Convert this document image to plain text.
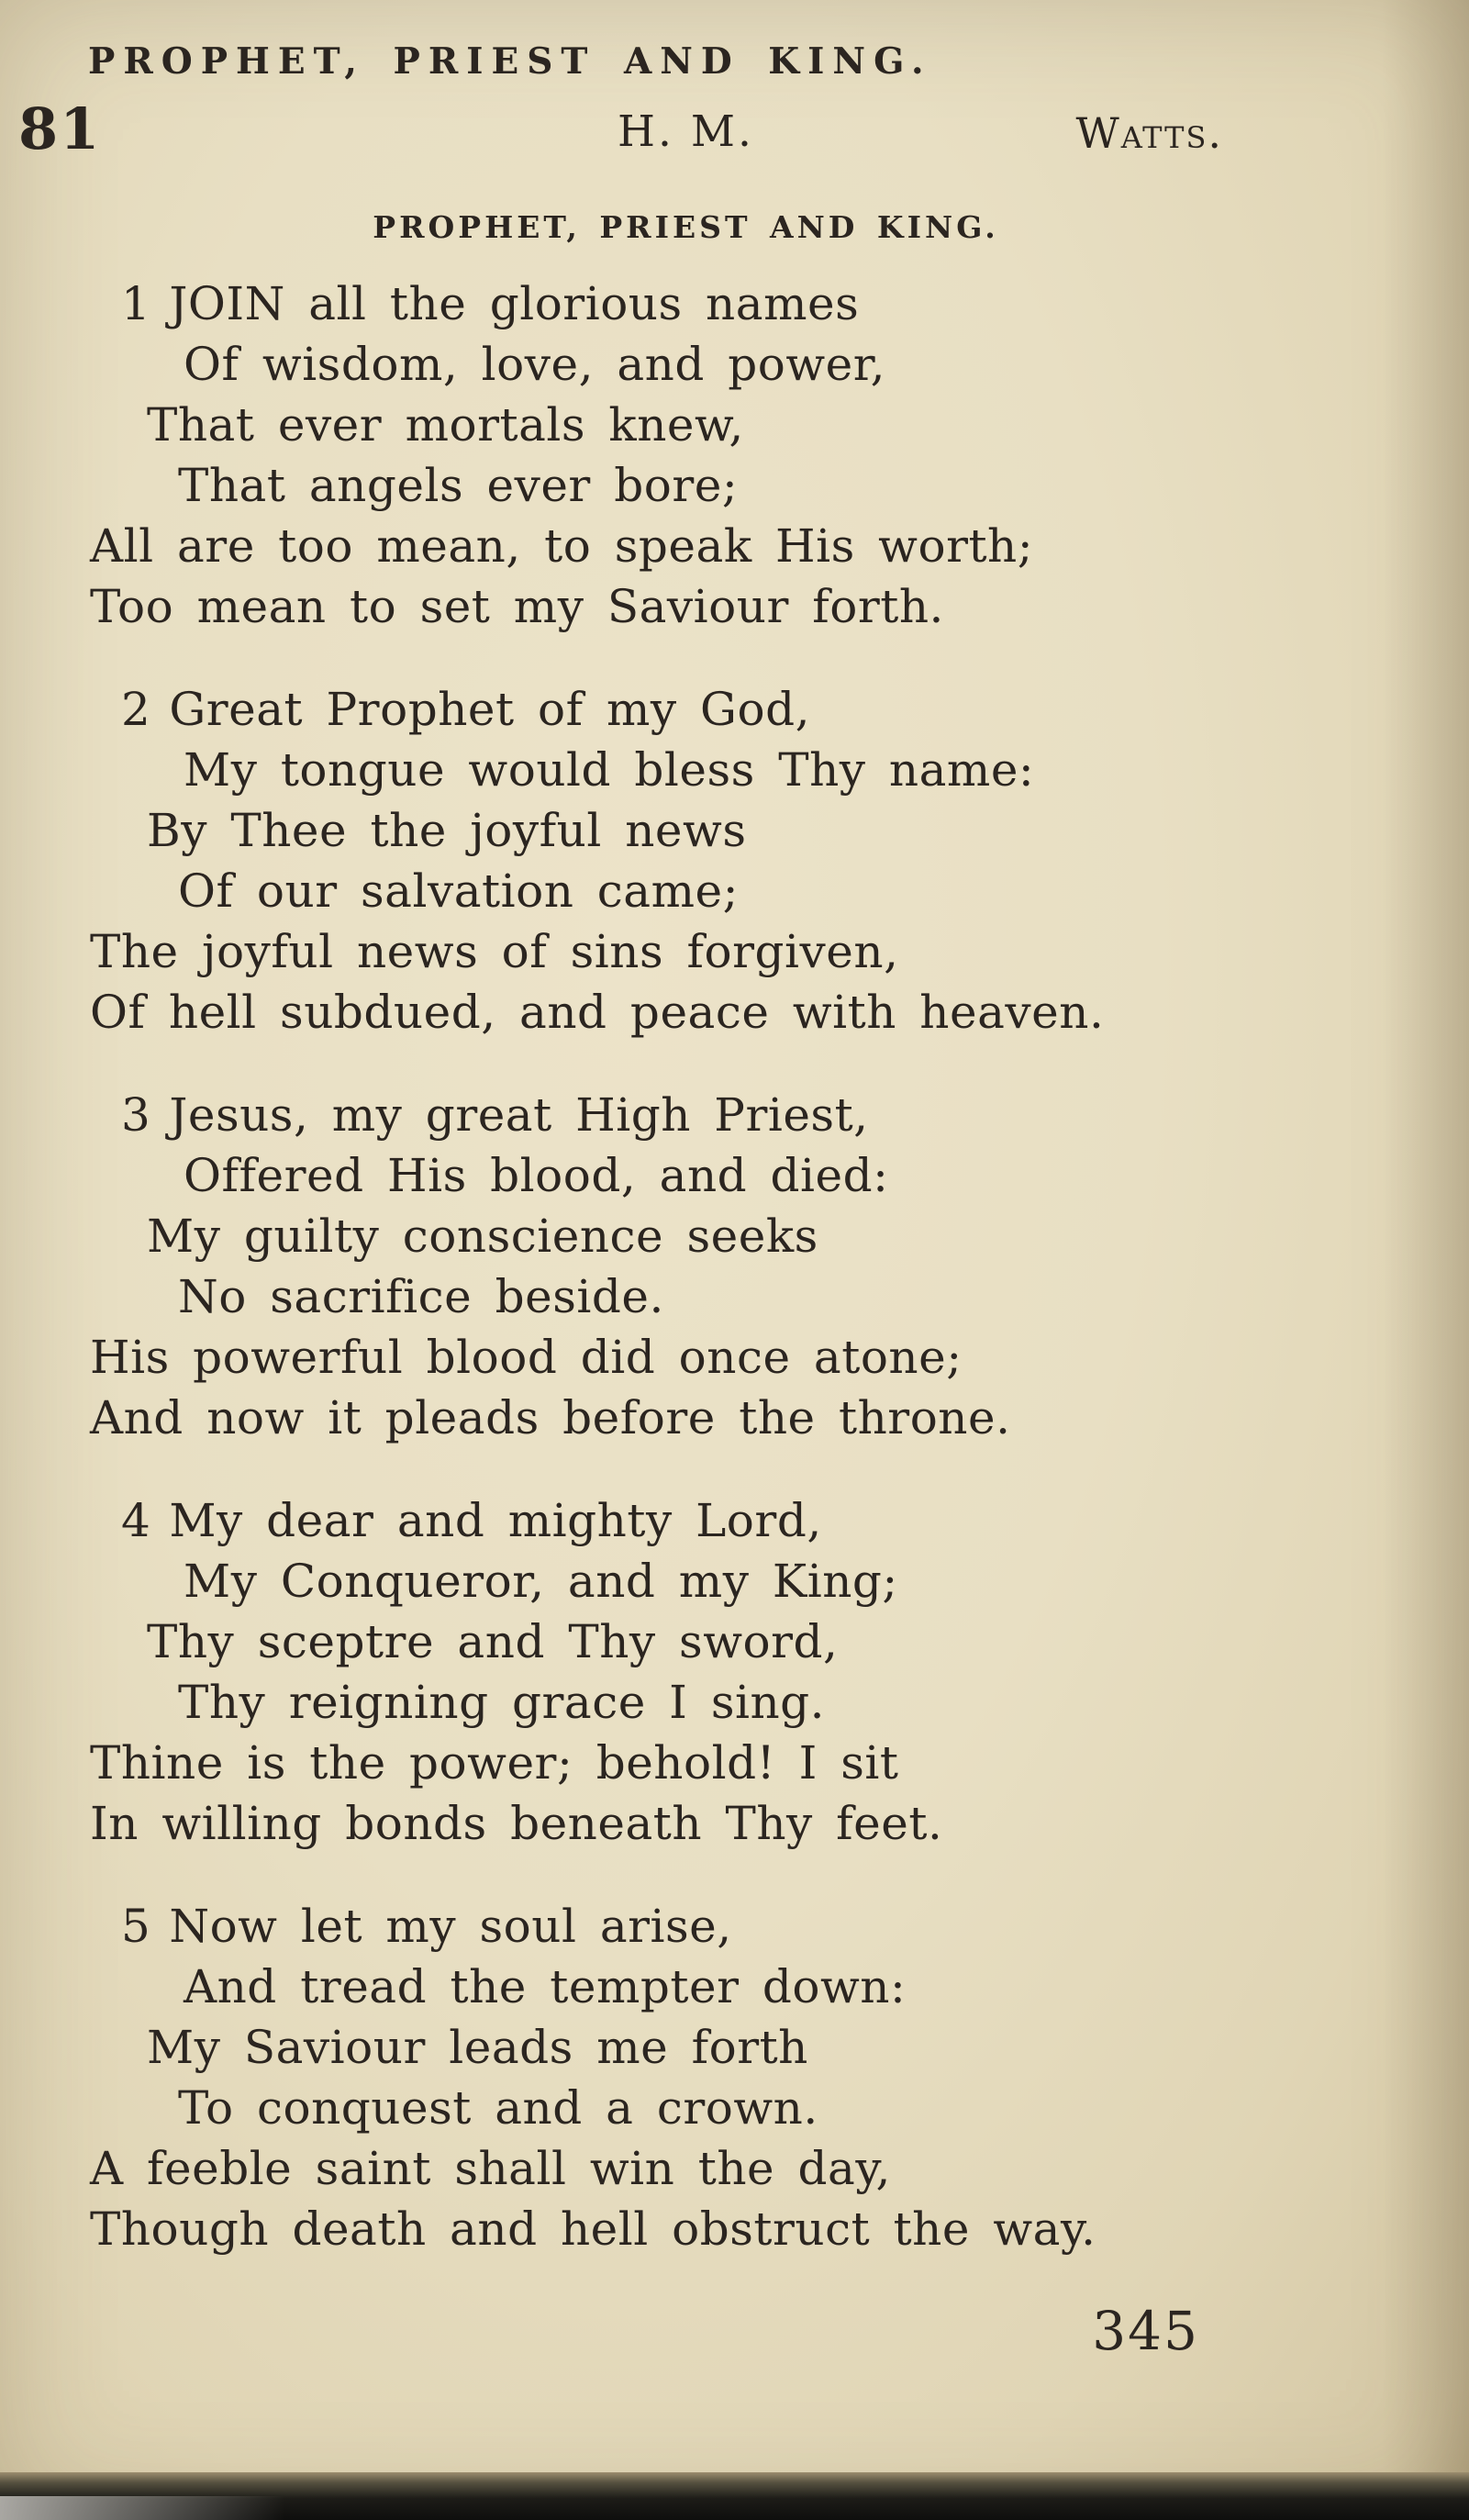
PROPHET, PRIEST AND KING.
81	H. M.	Watts.
PROPHET, PRIEST AND KING.
1 JOIN all the glorious names
Of wisdom, love, and power,
That ever mortals knew,
That angels ever bore;
All are too mean, to speak His worth;
Too mean to set my Saviour forth.
2 Great Prophet of my God,
My tongue would bless Thy name:
By Thee the joyful news
Of our salvation came;
The joyful news of sins forgiven,
Of hell subdued, and peace with heaven.
3 Jesus, my great High Priest,
Offered His blood, and died:
My guilty conscience seeks
No sacrifice beside.
His powerful blood did once atone;
And now it pleads before the throne.
4 My dear and mighty Lord,
My Conqueror, and my King;
Thy sceptre and Thy sword,
Thy reigning grace I sing.
Thine is the power; behold! I sit
In willing bonds beneath Thy feet.
5 Now let my soul arise,
And tread the tempter down:
My Saviour leads me forth
To conquest and a crown.
A feeble saint shall win the day,
Though death and hell obstruct the way.
345
